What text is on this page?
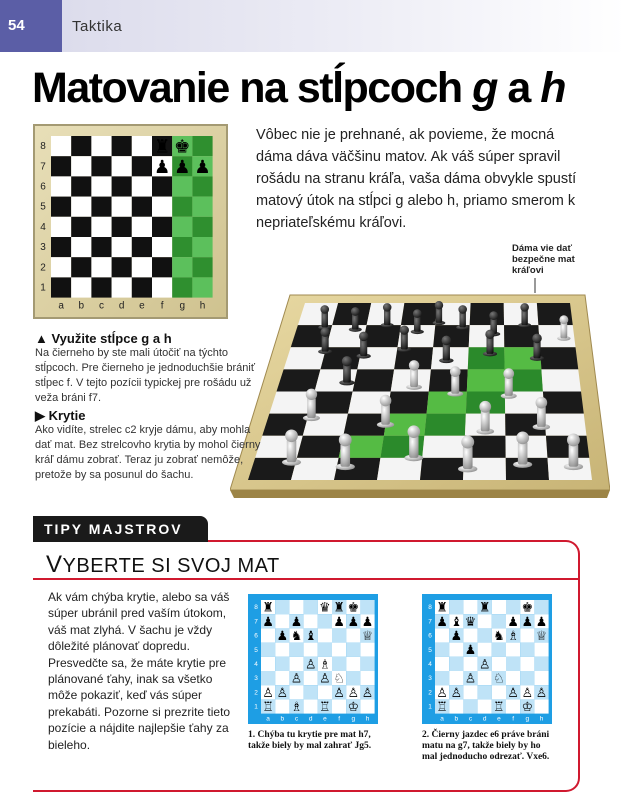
54	Taktika
Matovanie na stĺpcoch g a h
8
7
6
5
4
3
2
1
a b c d e f g h
♜ ♚
♟ ♟ ♟
Vôbec nie je prehnané, ak povieme, že mocná dáma dáva väčšinu matov. Ak váš súper spravil rošádu na stranu kráľa, vaša dáma obvykle spustí matový útok na stĺpci g alebo h, priamo smerom k nepriateľskému kráľovi.
Dáma vie dať bezpečne mat kráľovi
▲ Využite stĺpce g a h
Na čierneho by ste mali útočiť na týchto stĺpcoch. Pre čierneho je jednoduchšie brániť stĺpec f. V tejto pozícii typickej pre rošádu už veža bráni f7.
▶ Krytie
Ako vidíte, strelec c2 kryje dámu, aby mohla dať mat. Bez strelcovho krytia by mohol čierny kráľ dámu zobrať. Teraz ju zobrať nemôže, pretože by sa posunul do šachu.
TIPY MAJSTROV
VYBERTE SI SVOJ MAT
Ak vám chýba krytie, alebo sa váš súper ubránil pred vaším útokom, váš mat zlyhá. V šachu je vždy dôležité plánovať dopredu. Presvedčte sa, že máte krytie pre plánované ťahy, inak sa všetko môže pokaziť, keď vás súper prekabáti. Pozorne si prezrite tieto pozície a nájdite najlepšie ťahy za bieleho.
8
7
6
5
4
3
2
1
a b c d e f g h
♜	♛ ♜ ♚
♟ ♟ ♟ ♟ ♟
♟ ♞ ♝	♕
♘
♙ ♗
♙ ♙
♙ ♙	♙ ♙ ♙
♖ ♗ ♖ ♔
1. Chýba tu krytie pre mat h7, takže biely by mal zahrať Jg5.
8
7
6
5
4
3
2
1
a b c d e f g h
♜ ♜ ♚
♟ ♝ ♛ ♟ ♟ ♟
♟ ♞ ♗ ♕
♟
♙
♙ ♘
♙ ♙	♙ ♙ ♙
♖	♖ ♔
2. Čierny jazdec e6 práve bráni matu na g7, takže biely by ho mal jednoducho odrezať. Vxe6.
